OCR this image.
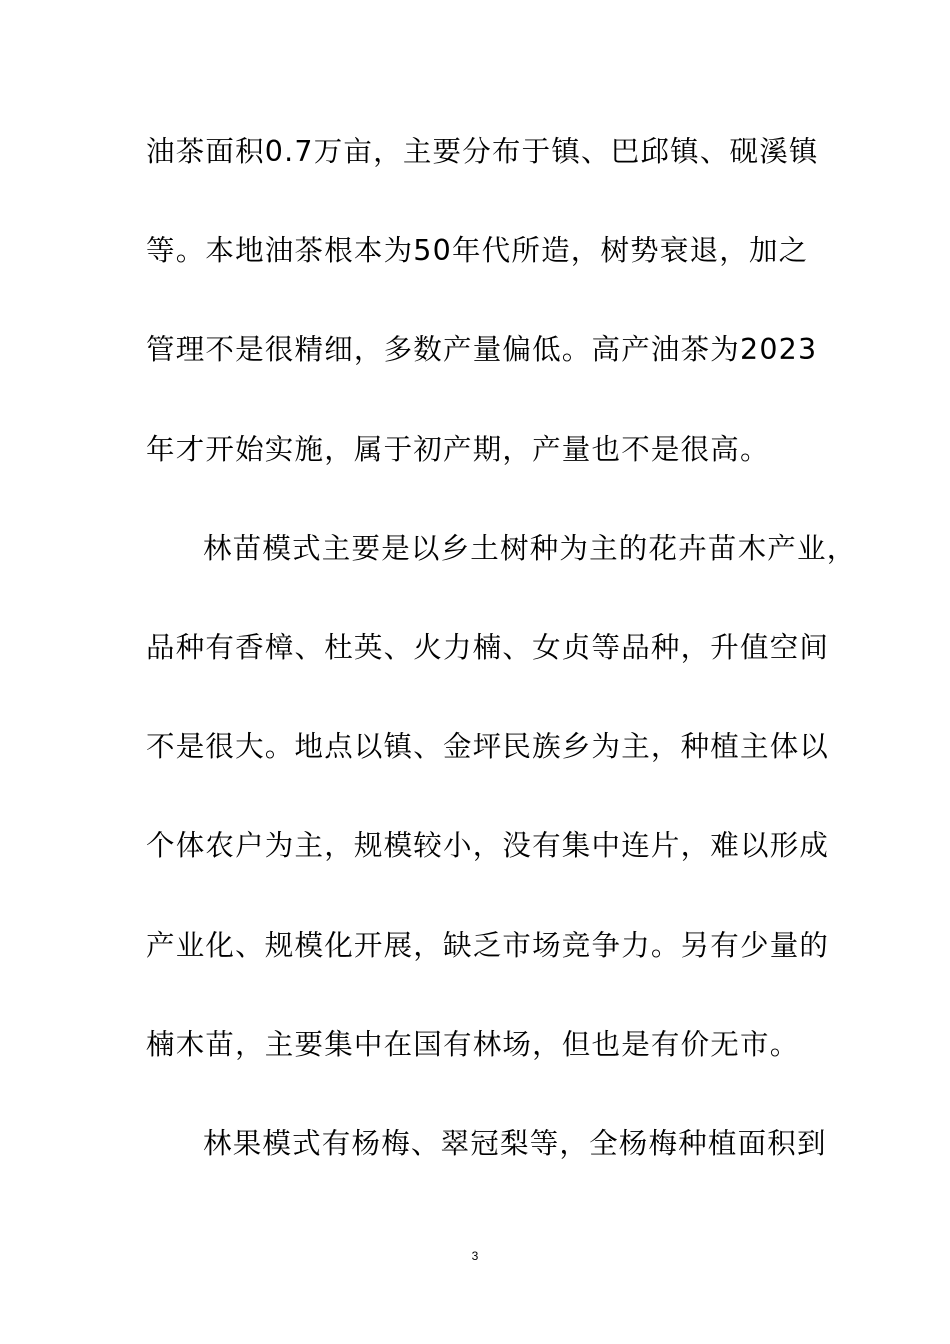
油茶面积0.7万亩，主要分布于镇、巴邱镇、砚溪镇
等。本地油茶根本为50年代所造，树势衰退，加之
管理不是很精细，多数产量偏低。高产油茶为2023
年才开始实施，属于初产期，产量也不是很高。
林苗模式主要是以乡土树种为主的花卉苗木产业，
品种有香樟、杜英、火力楠、女贞等品种，升值空间
不是很大。地点以镇、金坪民族乡为主，种植主体以
个体农户为主，规模较小，没有集中连片，难以形成
产业化、规模化开展，缺乏市场竞争力。另有少量的
楠木苗，主要集中在国有林场，但也是有价无市。
林果模式有杨梅、翠冠梨等，全杨梅种植面积到
3
